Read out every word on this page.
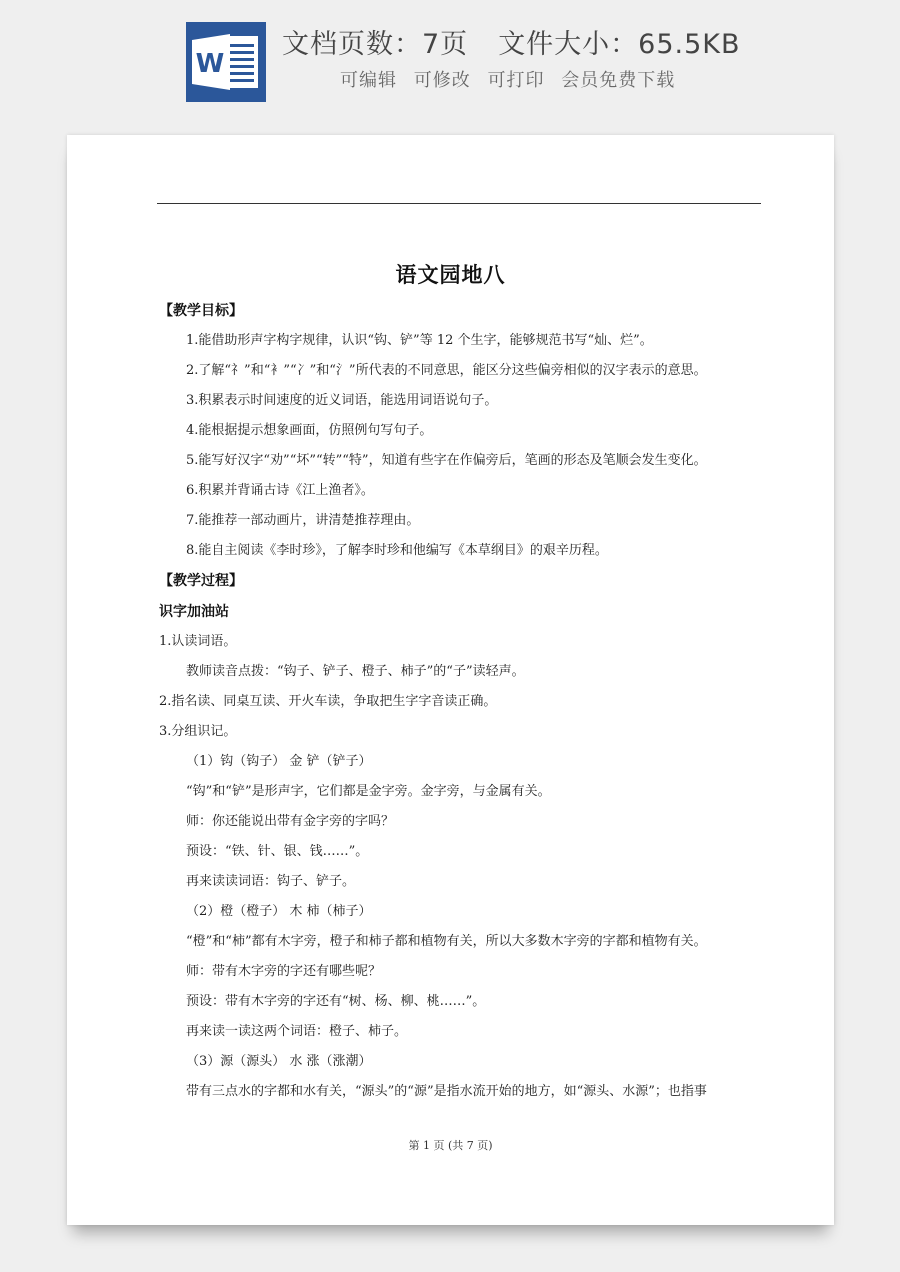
W
文档页数：7页 文件大小：65.5KB
可编辑 可修改 可打印 会员免费下载
语文园地八
【教学目标】
1.能借助形声字构字规律，认识“钩、铲”等 12 个生字，能够规范书写“灿、烂”。
2.了解“礻”和“衤”“冫”和“氵”所代表的不同意思，能区分这些偏旁相似的汉字表示的意思。
3.积累表示时间速度的近义词语，能选用词语说句子。
4.能根据提示想象画面，仿照例句写句子。
5.能写好汉字“劝”“坏”“转”“特”，知道有些字在作偏旁后，笔画的形态及笔顺会发生变化。
6.积累并背诵古诗《江上渔者》。
7.能推荐一部动画片，讲清楚推荐理由。
8.能自主阅读《李时珍》，了解李时珍和他编写《本草纲目》的艰辛历程。
【教学过程】
识字加油站
1.认读词语。
教师读音点拨：“钩子、铲子、橙子、柿子”的“子”读轻声。
2.指名读、同桌互读、开火车读，争取把生字字音读正确。
3.分组识记。
（1）钩（钩子） 金 铲（铲子）
“钩”和“铲”是形声字，它们都是金字旁。金字旁，与金属有关。
师：你还能说出带有金字旁的字吗？
预设：“铁、针、银、钱……”。
再来读读词语：钩子、铲子。
（2）橙（橙子） 木 柿（柿子）
“橙”和“柿”都有木字旁，橙子和柿子都和植物有关，所以大多数木字旁的字都和植物有关。
师：带有木字旁的字还有哪些呢？
预设：带有木字旁的字还有“树、杨、柳、桃……”。
再来读一读这两个词语：橙子、柿子。
（3）源（源头） 水 涨（涨潮）
带有三点水的字都和水有关，“源头”的“源”是指水流开始的地方，如“源头、水源”；也指事
第 1 页 (共 7 页)
